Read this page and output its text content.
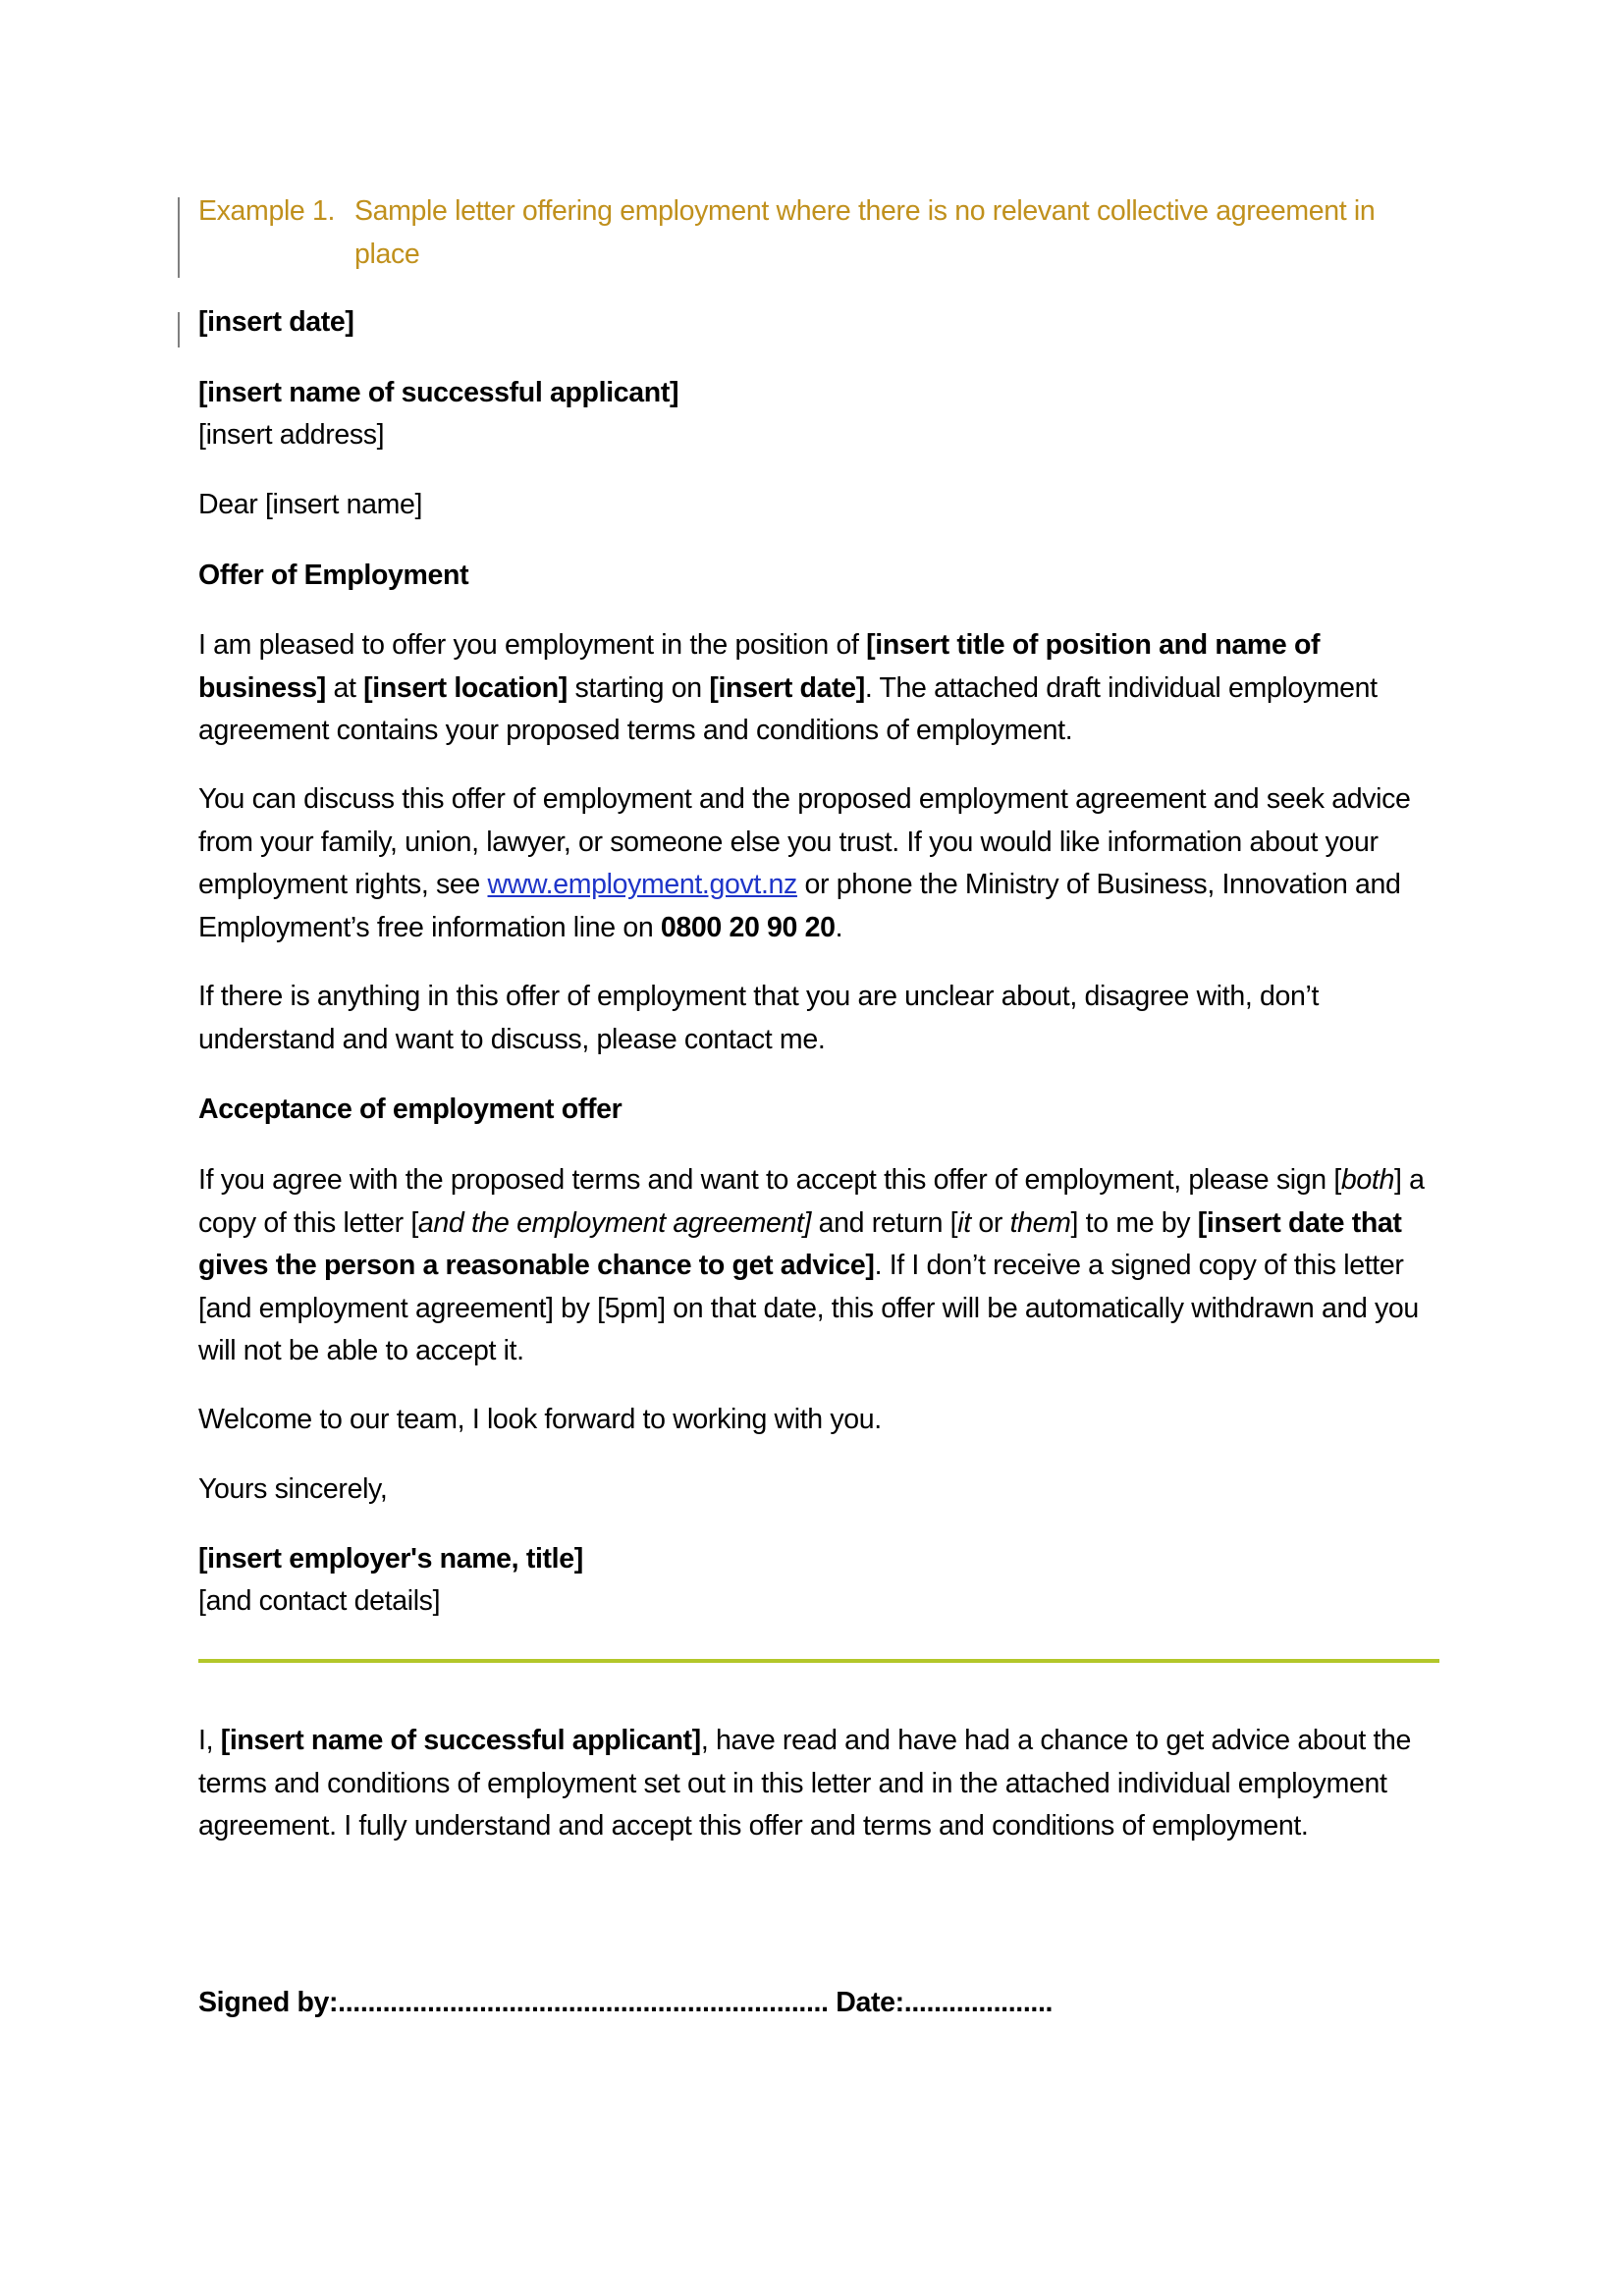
Example 1. Sample letter offering employment where there is no relevant collective agreement in place
[insert date]
[insert name of successful applicant]
[insert address]
Dear [insert name]
Offer of Employment
I am pleased to offer you employment in the position of [insert title of position and name of business] at [insert location] starting on [insert date]. The attached draft individual employment agreement contains your proposed terms and conditions of employment.
You can discuss this offer of employment and the proposed employment agreement and seek advice from your family, union, lawyer, or someone else you trust. If you would like information about your employment rights, see www.employment.govt.nz or phone the Ministry of Business, Innovation and Employment’s free information line on 0800 20 90 20.
If there is anything in this offer of employment that you are unclear about, disagree with, don’t understand and want to discuss, please contact me.
Acceptance of employment offer
If you agree with the proposed terms and want to accept this offer of employment, please sign [both] a copy of this letter [and the employment agreement] and return [it or them] to me by [insert date that gives the person a reasonable chance to get advice]. If I don’t receive a signed copy of this letter [and employment agreement] by [5pm] on that date, this offer will be automatically withdrawn and you will not be able to accept it.
Welcome to our team, I look forward to working with you.
Yours sincerely,
[insert employer's name, title]
[and contact details]
I, [insert name of successful applicant], have read and have had a chance to get advice about the terms and conditions of employment set out in this letter and in the attached individual employment agreement. I fully understand and accept this offer and terms and conditions of employment.
Signed by:.................................................................. Date:....................
